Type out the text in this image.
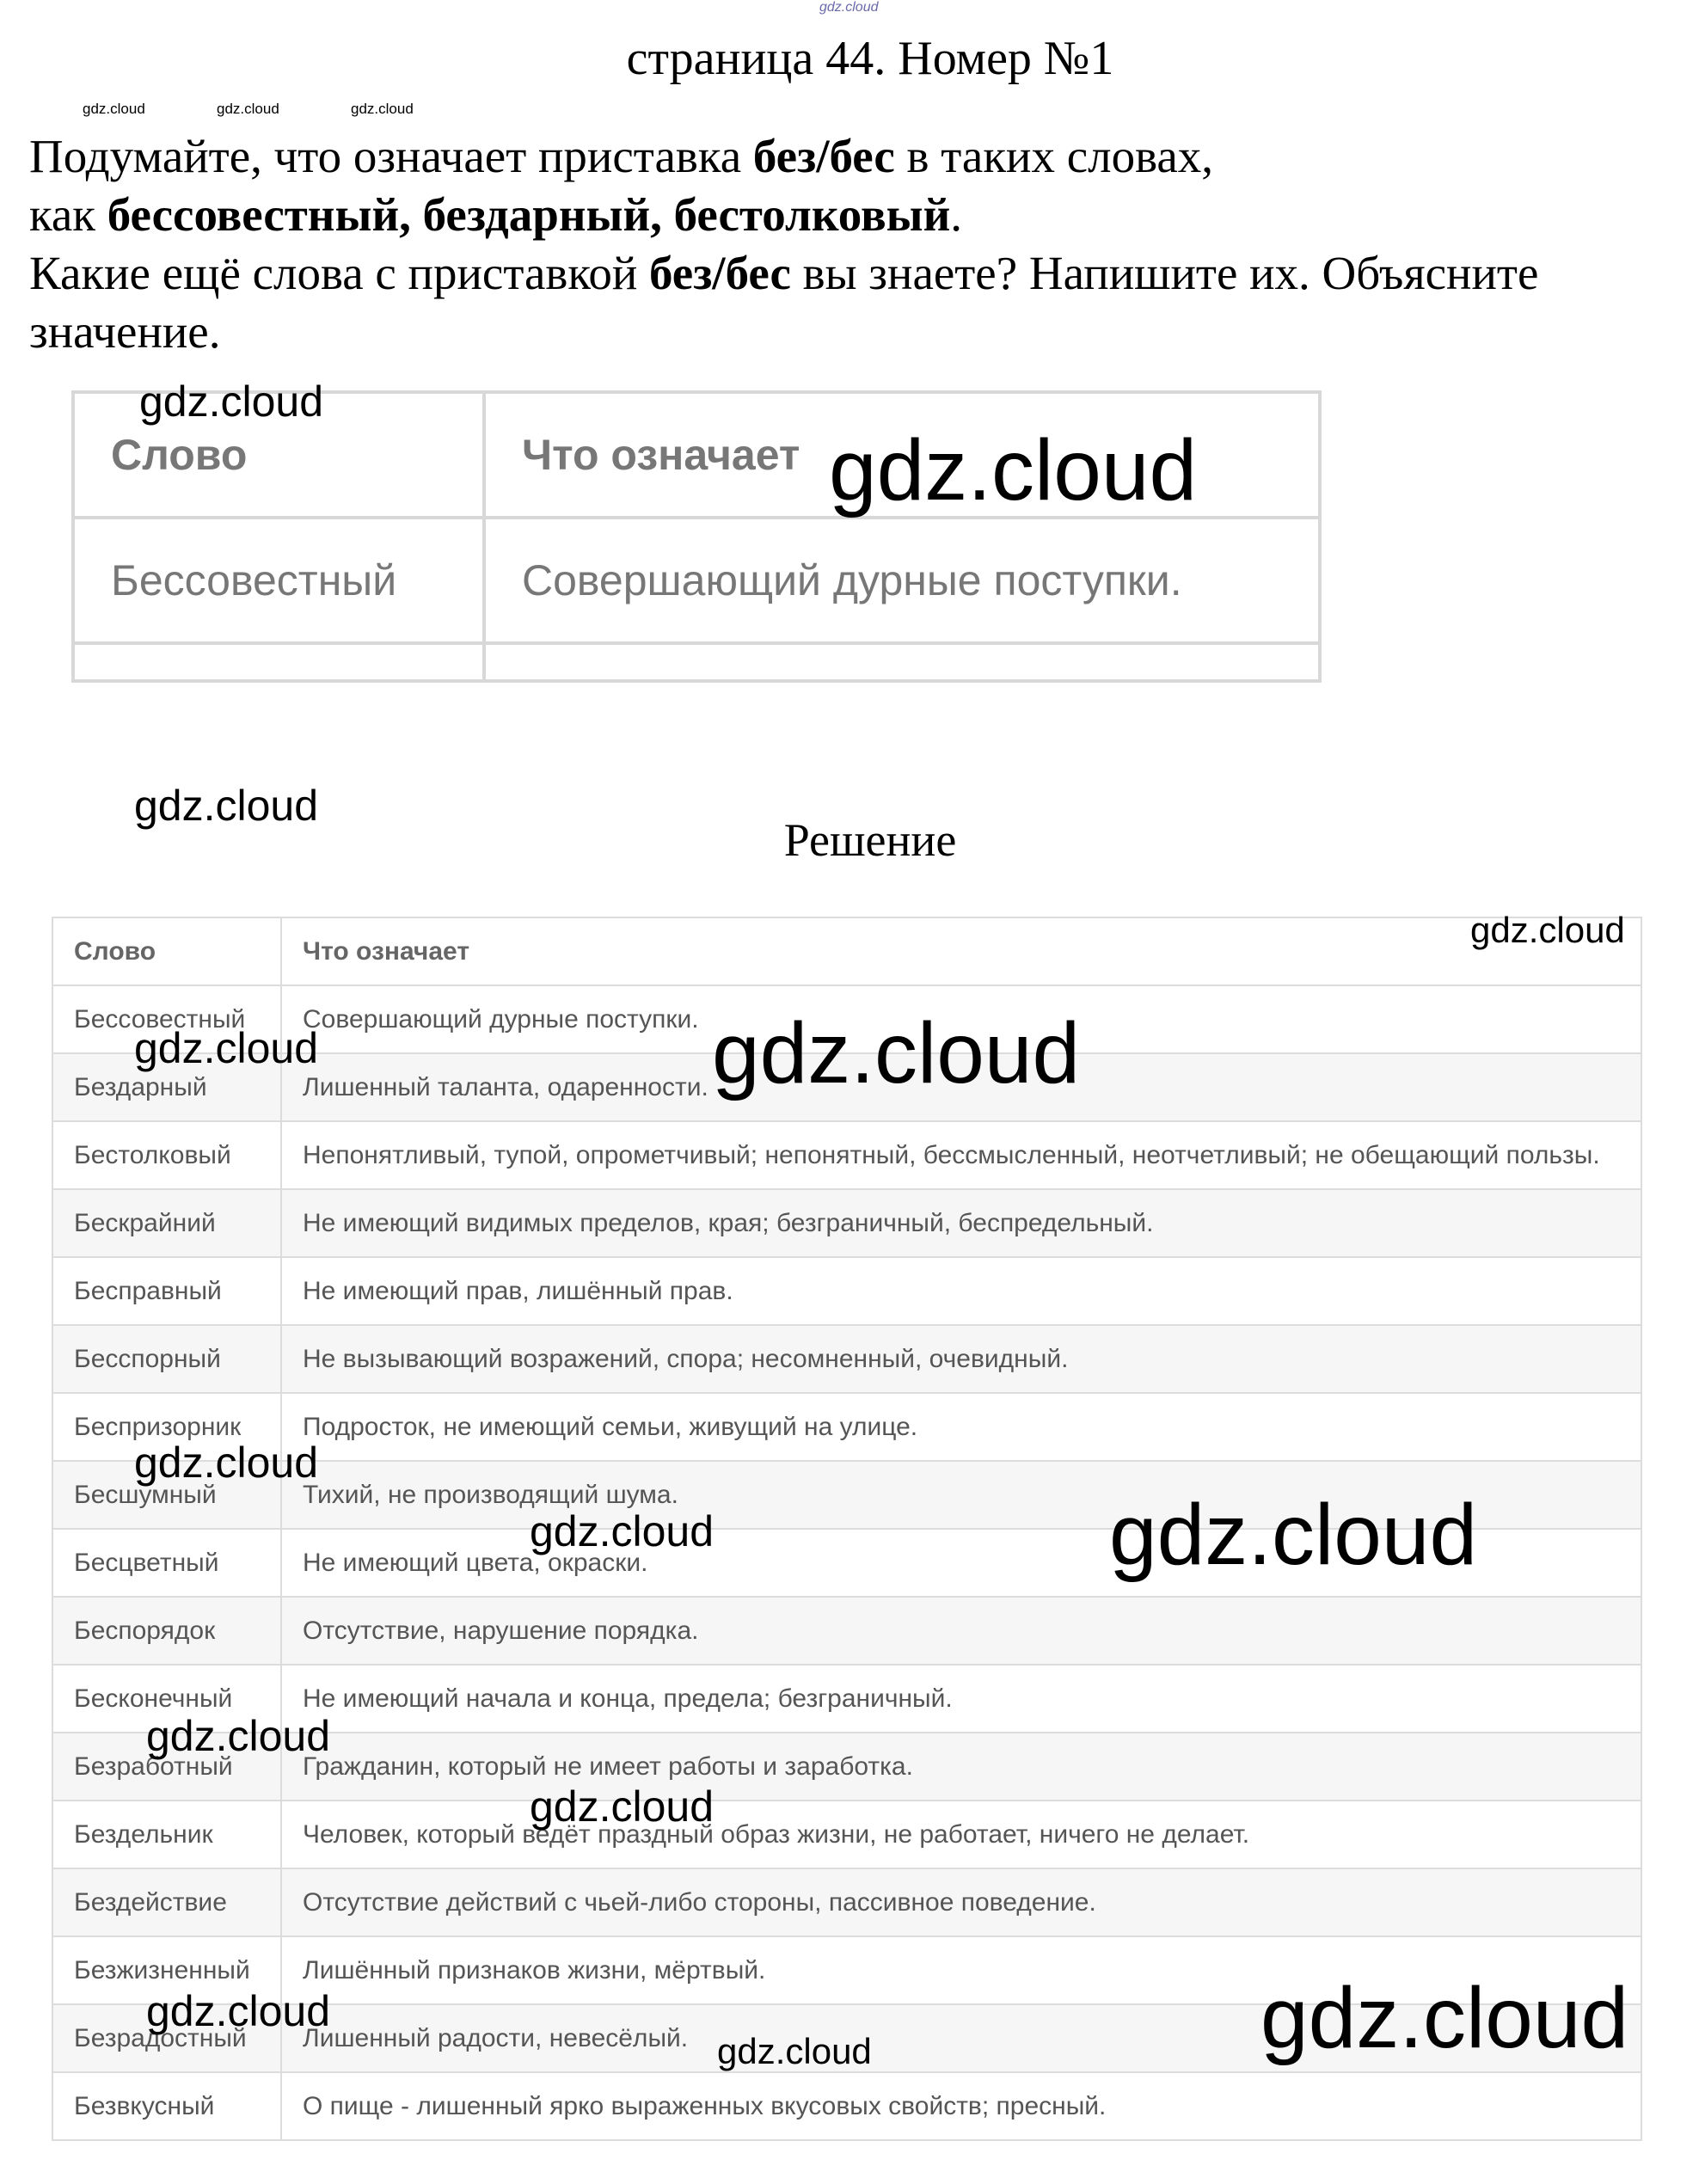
gdz.cloud
страница 44. Номер №1
gdz.cloud	gdz.cloud	gdz.cloud
Подумайте, что означает приставка без/бес в таких словах,
как бессовестный, бездарный, бестолковый.
Какие ещё слова с приставкой без/бес вы знаете? Напишите их. Объясните значение.
Слово	Что означает
Бессовестный	Совершающий дурные поступки.

Решение
Слово	Что означает
Бессовестный	Совершающий дурные поступки.
Бездарный	Лишенный таланта, одаренности.
Бестолковый	Непонятливый, тупой, опрометчивый; непонятный, бессмысленный, неотчетливый; не обещающий пользы.
Бескрайний	Не имеющий видимых пределов, края; безграничный, беспредельный.
Бесправный	Не имеющий прав, лишённый прав.
Бесспорный	Не вызывающий возражений, спора; несомненный, очевидный.
Беспризорник	Подросток, не имеющий семьи, живущий на улице.
Бесшумный	Тихий, не производящий шума.
Бесцветный	Не имеющий цвета, окраски.
Беспорядок	Отсутствие, нарушение порядка.
Бесконечный	Не имеющий начала и конца, предела; безграничный.
Безработный	Гражданин, который не имеет работы и заработка.
Бездельник	Человек, который ведёт праздный образ жизни, не работает, ничего не делает.
Бездействие	Отсутствие действий с чьей-либо стороны, пассивное поведение.
Безжизненный	Лишённый признаков жизни, мёртвый.
Безрадостный	Лишенный радости, невесёлый.
Безвкусный	О пище - лишенный ярко выраженных вкусовых свойств; пресный.
gdz.cloud
gdz.cloud
gdz.cloud
gdz.cloud
gdz.cloud	gdz.cloud
gdz.cloud
gdz.cloud	gdz.cloud
gdz.cloud
gdz.cloud
gdz.cloud	gdz.cloud
gdz.cloud
